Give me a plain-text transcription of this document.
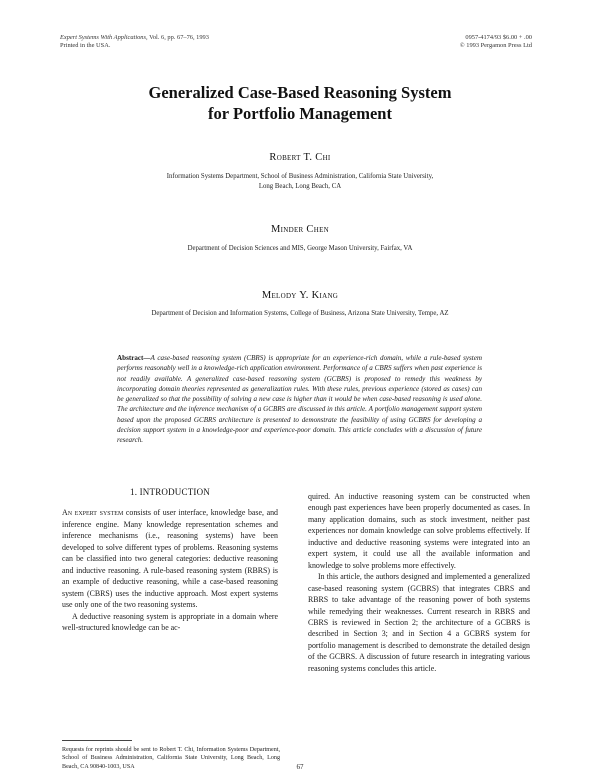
Expert Systems With Applications, Vol. 6, pp. 67–76, 1993
Printed in the USA.
0957-4174/93 $6.00 + .00
© 1993 Pergamon Press Ltd
Generalized Case-Based Reasoning System
for Portfolio Management
Robert T. Chi
Information Systems Department, School of Business Administration, California State University,
Long Beach, Long Beach, CA
Minder Chen
Department of Decision Sciences and MIS, George Mason University, Fairfax, VA
Melody Y. Kiang
Department of Decision and Information Systems, College of Business, Arizona State University, Tempe, AZ
Abstract—A case-based reasoning system (CBRS) is appropriate for an experience-rich domain, while a rule-based system performs reasonably well in a knowledge-rich application environment. Performance of a CBRS suffers when past experience is not readily available. A generalized case-based reasoning system (GCBRS) is proposed to remedy this weakness by incorporating domain theories represented as generalization rules. With these rules, previous experience (stored as cases) can be generalized so that the possibility of solving a new case is higher than it would be when case-based reasoning is used alone. The architecture and the inference mechanism of a GCBRS are discussed in this article. A portfolio management support system based upon the proposed GCBRS architecture is presented to demonstrate the feasibility of using GCBRS for developing a decision support system in a knowledge-poor and experience-poor domain. This article concludes with a discussion of future research.
1. INTRODUCTION

An expert system consists of user interface, knowledge base, and inference engine. Many knowledge representation schemes and inference mechanisms (i.e., reasoning systems) have been developed to solve different types of problems. Reasoning systems can be classified into two general categories: deductive reasoning and inductive reasoning. A rule-based reasoning system (RBRS) is an example of deductive reasoning, while a case-based reasoning system (CBRS) uses the inductive approach. Most expert systems use only one of the two reasoning systems.

A deductive reasoning system is appropriate in a domain where well-structured knowledge can be ac-

quired. An inductive reasoning system can be constructed when enough past experiences have been properly documented as cases. In many application domains, such as stock investment, neither past experiences nor domain knowledge can solve problems effectively. If inductive and deductive reasoning systems were integrated into an expert system, it could use all the available information and knowledge to solve problems more effectively.

In this article, the authors designed and implemented a generalized case-based reasoning system (GCBRS) that integrates CBRS and RBRS to take advantage of the reasoning power of both systems while remedying their weaknesses. Current research in RBRS and CBRS is reviewed in Section 2; the architecture of a GCBRS is described in Section 3; and in Section 4 a GCBRS system for portfolio management is described to demonstrate the detailed design of the GCBRS. A discussion of future research in integrating various reasoning systems concludes this article.

Requests for reprints should be sent to Robert T. Chi, Information Systems Department, School of Business Administration, California State University, Long Beach, Long Beach, CA 90840-1003, USA	67
